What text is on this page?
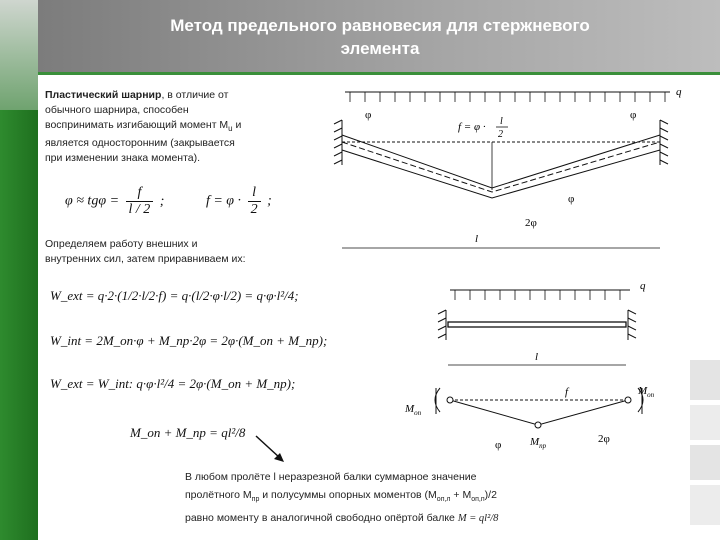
Метод предельного равновесия для стержневого
элемента
Пластический шарнир, в отличие от
обычного шарнира, способен
воспринимать изгибающий момент $М_u$ и
является односторонним (закрывается
при изменении знака момента).
$\varphi \approx tg\varphi = \frac{f}{l / 2}$ ;	$f = \varphi \cdot \frac{l}{2}$ ;
Определяем работу внешних и
внутренних сил, затем приравниваем их:
W_ext = q·2·(1/2·l/2·f) = q·(l/2·φ·l/2) = q·φ·l²/4;
W_int = 2M_оп·φ + M_пр·2φ = 2φ·(M_оп + M_пр);
W_ext = W_int: q·φ·l²/4 = 2φ·(M_оп + M_пр);
M_оп + M_пр = ql²/8
q
φ	φ
f = φ · l
2
φ
2φ
l
q
l
f
$M_{оп}$
$M_{оп}$
$M_{пр}$
φ	2φ
В любом пролёте l неразрезной балки суммарное значение
пролётного $М_{пр}$ и полусуммы опорных моментов $(М_{оп,л} + М_{оп,п})/2$
равно моменту в аналогичной свободно опёртой балке M = ql²/8
